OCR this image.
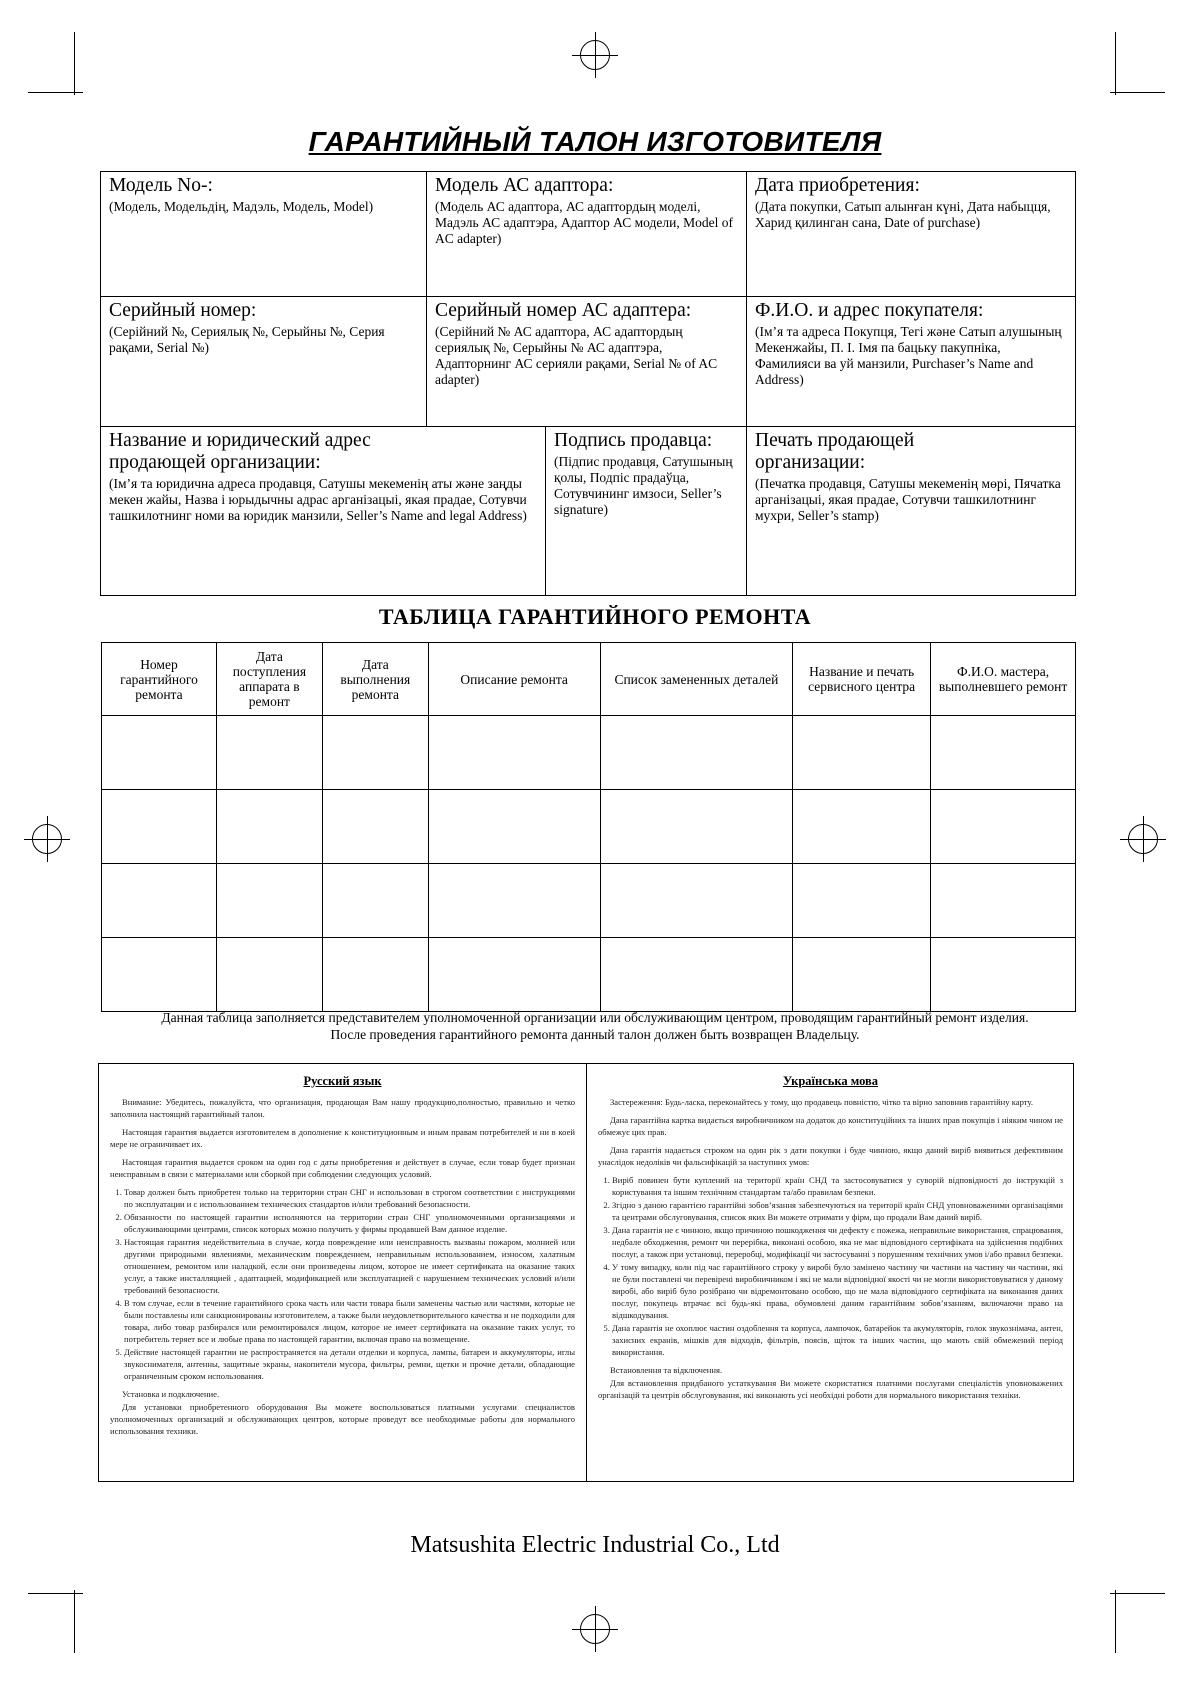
ГАРАНТИЙНЫЙ ТАЛОН ИЗГОТОВИТЕЛЯ
Модель No-:
(Модель, Модельдің, Мадэль, Модель, Model)
Модель АС адаптора:
(Модель АС адаптора, АС адаптордың моделі, Мадэль АС адаптэра, Адаптор АС модели, Model of AC adapter)
Дата приобретения:
(Дата покупки, Сатып алынған күні, Дата набыцця, Харид қилинган сана, Date of purchase)
Серийный номер:
(Серійний №, Сериялық №, Серыйны №, Серия рақами, Serial №)
Серийный номер АС адаптера:
(Серійний № АС адаптора, АС адаптордың сериялық №, Серыйны № АС адаптэра, Адапторнинг АС серияли рақами, Serial № of AC adapter)
Ф.И.О. и адрес покупателя:
(Ім’я та адреса Покупця, Тегі және Сатып алушының Мекенжайы, П. І. Імя па бацьку пакупніка, Фамилияси ва уй манзили, Purchaser’s Name and Address)
Название и юридический адрес продающей организации:
(Ім’я та юридична адреса продавця, Сатушы мекеменің аты және заңды мекен жайы, Назва і юрыдычны адрас арганізацыі, якая прадае, Сотувчи ташкилотнинг номи ва юридик манзили, Seller’s Name and legal Address)
Подпись продавца:
(Підпис продавця, Сатушының қолы, Подпіс прадаўца, Сотувчининг имзоси, Seller’s signature)
Печать продающей организации:
(Печатка продавця, Сатушы мекеменің мөрі, Пячатка арганізацыі, якая прадае, Сотувчи ташкилотнинг мухри, Seller’s stamp)
ТАБЛИЦА ГАРАНТИЙНОГО РЕМОНТА
Номер гарантийного ремонта	Дата поступления аппарата в ремонт	Дата выполнения ремонта	Описание ремонта	Список замененных деталей	Название и печать сервисного центра	Ф.И.О. мастера, выполневшего ремонт

Данная таблица заполняется представителем уполномоченной организации или обслуживающим центром, проводящим гарантийный ремонт изделия.
После проведения гарантийного ремонта данный талон должен быть возвращен Владельцу.
Русский язык

Внимание: Убедитесь, пожалуйста, что организация, продающая Вам нашу продукцию,полностью, правильно и четко заполнила настоящий гарантийный талон.

Настоящая гарантия выдается изготовителем в дополнение к конституционным и иным правам потребителей и ни в коей мере не ограничивает их.

Настоящая гарантия выдается сроком на один год с даты приобретения и действует в случае, если товар будет признан неисправным в связи с материалами или сборкой при соблюдении следующих условий.

1. Товар должен быть приобретен только на территории стран СНГ и использован в строгом соответствии с инструкциями по эксплуатации и с использованием технических стандартов и/или требований безопасности.
2. Обязанности по настоящей гарантии исполняются на территории стран СНГ уполномоченными организациями и обслуживающими центрами, список которых можно получить у фирмы продавшей Вам данное изделие.
3. Настоящая гарантия недействительна в случае, когда повреждение или неисправность вызваны пожаром, молнией или другими природными явлениями, механическим повреждением, неправильным использованием, износом, халатным отношением, ремонтом или наладкой, если они произведены лицом, которое не имеет сертификата на оказание таких услуг, а также инсталляцией , адаптацией, модификацией или эксплуатацией с нарушением технических условий и/или требований безопасности.
4. В том случае, если в течение гарантийного срока часть или части товара были заменены частью или частями, которые не были поставлены или санкционированы изготовителем, а также были неудовлетворительного качества и не подходили для товара, либо товар разбирался или ремонтировался лицом, которое не имеет сертификата на оказание таких услуг, то потребитель теряет все и любые права по настоящей гарантии, включая право на возмещение.
5. Действие настоящей гарантии не распространяется на детали отделки и корпуса, лампы, батареи и аккумуляторы, иглы звукоснимателя, антенны, защитные экраны, накопители мусора, фильтры, ремни, щетки и прочие детали, обладающие ограниченным сроком использования.

Установка и подключение.

Для установки приобретенного оборудования Вы можете воспользоваться платными услугами специалистов уполномоченных организаций и обслуживающих центров, которые проведут все необходимые работы для нормального использования техники.

Українська мова

Застереження: Будь-ласка, переконайтесь у тому, що продавець повністю, чітко та вірно заповнив гарантійну карту.

Дана гарантійна картка видається виробничником на додаток до конституційних та інших прав покупців і ніяким чином не обмежує цих прав.

Дана гарантія надається строком на один рік з дати покупки і буде чинною, якщо даний виріб виявиться дефективним унаслідок недоліків чи фальсифікацій за наступних умов:

1. Виріб повинен бути куплений на території країн СНД та застосовуватися у суворій відповідності до інструкцій з користування та іншим технічним стандартам та/або правилам безпеки.
2. Згідно з даною гарантією гарантійні зобов’язання забезпечуються на території країн СНД уповноваженими організаціями та центрами обслуговування, список яких Ви можете отримати у фірм, що продали Вам даний виріб.
3. Дана гарантія не є чинною, якщо причиною пошкодження чи дефекту є пожежа, неправильне використання, спрацювання, недбале обходження, ремонт чи перерібка, виконані особою, яка не має відповідного сертифіката на здійснення подібних послуг, а також при установці, переробці, модифікації чи застосуванні з порушенням технічних умов і/або правил безпеки.
4. У тому випадку, коли під час гарантійного строку у виробі було замінено частину чи частини на частину чи частини, які не були поставлені чи перевірені виробничником і які не мали відповідної якості чи не могли використовуватися у даному виробі, або виріб було розібрано чи відремонтовано особою, що не мала відповідного сертифіката на виконання даних послуг, покупець втрачає всі будь-які права, обумовлені даним гарантійним зобов’язанням, включаючи право на відшкодування.
5. Дана гарантія не охоплює частин оздоблення та корпуса, лампочок, батарейок та акумуляторів, голок звукознімача, антен, захисних екранів, мішків для відходів, фільтрів, поясів, щіток та інших частин, що мають свій обмежений період використання.

Встановлення та відключення.

Для встановлення придбаного устаткування Ви можете скористатися платними послугами спеціалістів уповноважених організацій та центрів обслуговування, які виконають усі необхідні роботи для нормального використання техніки.

Matsushita Electric Industrial Co., Ltd
